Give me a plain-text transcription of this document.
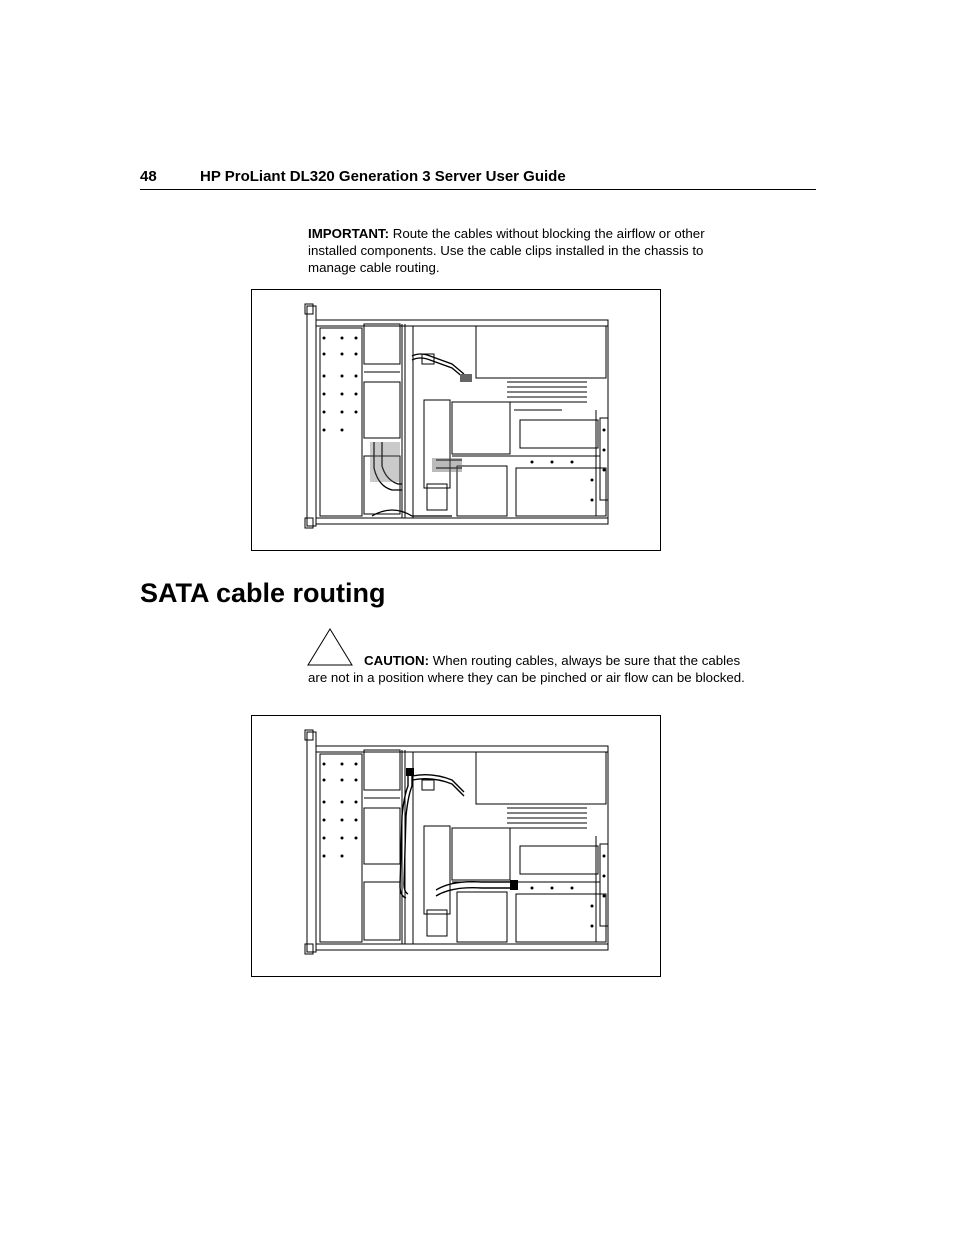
48	HP ProLiant DL320 Generation 3 Server User Guide
IMPORTANT: Route the cables without blocking the airflow or other installed components. Use the cable clips installed in the chassis to manage cable routing.
SATA cable routing
CAUTION: When routing cables, always be sure that the cables are not in a position where they can be pinched or air flow can be blocked.
